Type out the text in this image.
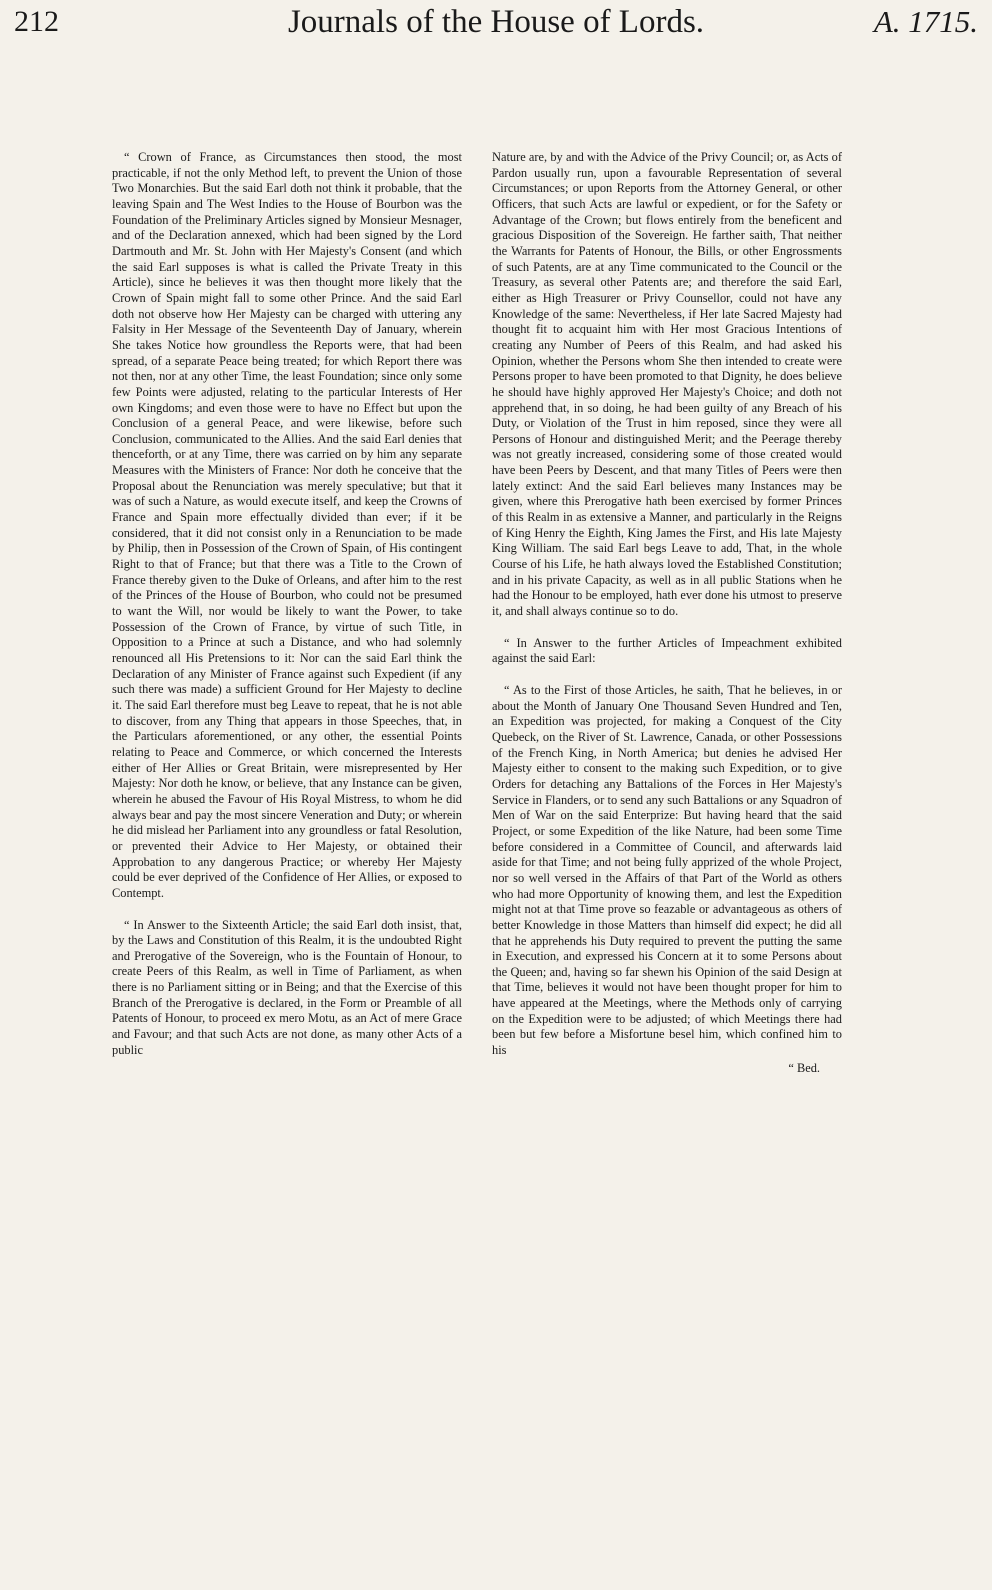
212	Journals of the House of Lords.	A. 1715.

“ Crown of France, as Circumstances then stood, the most practicable, if not the only Method left, to prevent the Union of those Two Monarchies. But the said Earl doth not think it probable, that the leaving Spain and The West Indies to the House of Bourbon was the Foundation of the Preliminary Articles signed by Monsieur Mesnager, and of the Declaration annexed, which had been signed by the Lord Dartmouth and Mr. St. John with Her Majesty's Consent (and which the said Earl supposes is what is called the Private Treaty in this Article), since he believes it was then thought more likely that the Crown of Spain might fall to some other Prince. And the said Earl doth not observe how Her Majesty can be charged with uttering any Falsity in Her Message of the Seventeenth Day of January, wherein She takes Notice how groundless the Reports were, that had been spread, of a separate Peace being treated; for which Report there was not then, nor at any other Time, the least Foundation; since only some few Points were adjusted, relating to the particular Interests of Her own Kingdoms; and even those were to have no Effect but upon the Conclusion of a general Peace, and were likewise, before such Conclusion, communicated to the Allies. And the said Earl denies that thenceforth, or at any Time, there was carried on by him any separate Measures with the Ministers of France: Nor doth he conceive that the Proposal about the Renunciation was merely speculative; but that it was of such a Nature, as would execute itself, and keep the Crowns of France and Spain more effectually divided than ever; if it be considered, that it did not consist only in a Renunciation to be made by Philip, then in Possession of the Crown of Spain, of His contingent Right to that of France; but that there was a Title to the Crown of France thereby given to the Duke of Orleans, and after him to the rest of the Princes of the House of Bourbon, who could not be presumed to want the Will, nor would be likely to want the Power, to take Possession of the Crown of France, by virtue of such Title, in Opposition to a Prince at such a Distance, and who had solemnly renounced all His Pretensions to it: Nor can the said Earl think the Declaration of any Minister of France against such Expedient (if any such there was made) a sufficient Ground for Her Majesty to decline it. The said Earl therefore must beg Leave to repeat, that he is not able to discover, from any Thing that appears in those Speeches, that, in the Particulars aforementioned, or any other, the essential Points relating to Peace and Commerce, or which concerned the Interests either of Her Allies or Great Britain, were misrepresented by Her Majesty: Nor doth he know, or believe, that any Instance can be given, wherein he abused the Favour of His Royal Mistress, to whom he did always bear and pay the most sincere Veneration and Duty; or wherein he did mislead her Parliament into any groundless or fatal Resolution, or prevented their Advice to Her Majesty, or obtained their Approbation to any dangerous Practice; or whereby Her Majesty could be ever deprived of the Confidence of Her Allies, or exposed to Contempt.

“ In Answer to the Sixteenth Article; the said Earl doth insist, that, by the Laws and Constitution of this Realm, it is the undoubted Right and Prerogative of the Sovereign, who is the Fountain of Honour, to create Peers of this Realm, as well in Time of Parliament, as when there is no Parliament sitting or in Being; and that the Exercise of this Branch of the Prerogative is declared, in the Form or Preamble of all Patents of Honour, to proceed ex mero Motu, as an Act of mere Grace and Favour; and that such Acts are not done, as many other Acts of a public

Nature are, by and with the Advice of the Privy Council; or, as Acts of Pardon usually run, upon a favourable Representation of several Circumstances; or upon Reports from the Attorney General, or other Officers, that such Acts are lawful or expedient, or for the Safety or Advantage of the Crown; but flows entirely from the beneficent and gracious Disposition of the Sovereign. He farther saith, That neither the Warrants for Patents of Honour, the Bills, or other Engrossments of such Patents, are at any Time communicated to the Council or the Treasury, as several other Patents are; and therefore the said Earl, either as High Treasurer or Privy Counsellor, could not have any Knowledge of the same: Nevertheless, if Her late Sacred Majesty had thought fit to acquaint him with Her most Gracious Intentions of creating any Number of Peers of this Realm, and had asked his Opinion, whether the Persons whom She then intended to create were Persons proper to have been promoted to that Dignity, he does believe he should have highly approved Her Majesty's Choice; and doth not apprehend that, in so doing, he had been guilty of any Breach of his Duty, or Violation of the Trust in him reposed, since they were all Persons of Honour and distinguished Merit; and the Peerage thereby was not greatly increased, considering some of those created would have been Peers by Descent, and that many Titles of Peers were then lately extinct: And the said Earl believes many Instances may be given, where this Prerogative hath been exercised by former Princes of this Realm in as extensive a Manner, and particularly in the Reigns of King Henry the Eighth, King James the First, and His late Majesty King William. The said Earl begs Leave to add, That, in the whole Course of his Life, he hath always loved the Established Constitution; and in his private Capacity, as well as in all public Stations when he had the Honour to be employed, hath ever done his utmost to preserve it, and shall always continue so to do.

“ In Answer to the further Articles of Impeachment exhibited against the said Earl:

“ As to the First of those Articles, he saith, That he believes, in or about the Month of January One Thousand Seven Hundred and Ten, an Expedition was projected, for making a Conquest of the City Quebeck, on the River of St. Lawrence, Canada, or other Possessions of the French King, in North America; but denies he advised Her Majesty either to consent to the making such Expedition, or to give Orders for detaching any Battalions of the Forces in Her Majesty's Service in Flanders, or to send any such Battalions or any Squadron of Men of War on the said Enterprize: But having heard that the said Project, or some Expedition of the like Nature, had been some Time before considered in a Committee of Council, and afterwards laid aside for that Time; and not being fully apprized of the whole Project, nor so well versed in the Affairs of that Part of the World as others who had more Opportunity of knowing them, and lest the Expedition might not at that Time prove so feazable or advantageous as others of better Knowledge in those Matters than himself did expect; he did all that he apprehends his Duty required to prevent the putting the same in Execution, and expressed his Concern at it to some Persons about the Queen; and, having so far shewn his Opinion of the said Design at that Time, believes it would not have been thought proper for him to have appeared at the Meetings, where the Methods only of carrying on the Expedition were to be adjusted; of which Meetings there had been but few before a Misfortune besel him, which confined him to his

“ Bed.
